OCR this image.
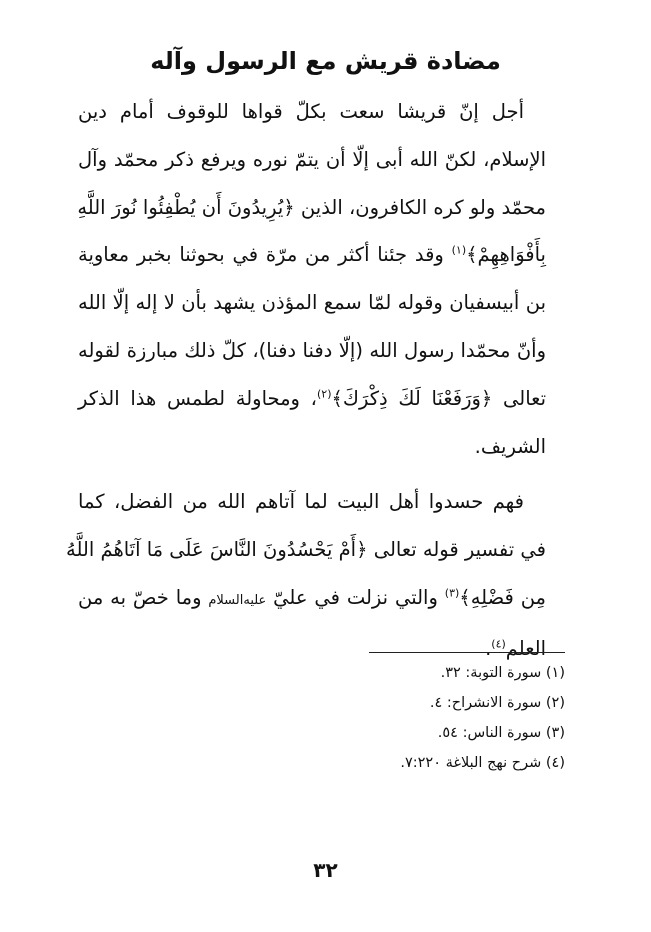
مضادة قريش مع الرسول وآله

أجل إنّ قريشا سعت بكلّ قواها للوقوف أمام دين
الإسلام، لكنّ الله أبى إلّا أن يتمّ نوره ويرفع ذكر محمّد وآل
محمّد ولو كره الكافرون، الذين ﴿يُرِيدُونَ أَن يُطْفِئُوا نُورَ اللَّهِ
بِأَفْوَاهِهِمْ﴾$^{(١)}$ وقد جئنا أكثر من مرّة في بحوثنا بخبر معاوية
بن أبيسفيان وقوله لمّا سمع المؤذن يشهد بأن لا إله إلّا الله
وأنّ محمّدا رسول الله (إلّا دفنا دفنا)، كلّ ذلك مبارزة لقوله
تعالى ﴿وَرَفَعْنَا لَكَ ذِكْرَكَ﴾$^{(٢)}$، ومحاولة لطمس هذا الذكر
الشريف.

فهم حسدوا أهل البيت لما آتاهم الله من الفضل، كما
في تفسير قوله تعالى ﴿أَمْ يَحْسُدُونَ النَّاسَ عَلَى مَا آتَاهُمُ اللَّهُ
مِن فَضْلِهِ﴾$^{(٣)}$ والتي نزلت في عليّ عليه‌السلام وما خصّ به من
العلم$^{(٤)}$.

(١) سورة التوبة: ٣٢.
(٢) سورة الانشراح: ٤.
(٣) سورة الناس: ٥٤.
(٤) شرح نهج البلاغة ٧:٢٢٠.
٣٢
